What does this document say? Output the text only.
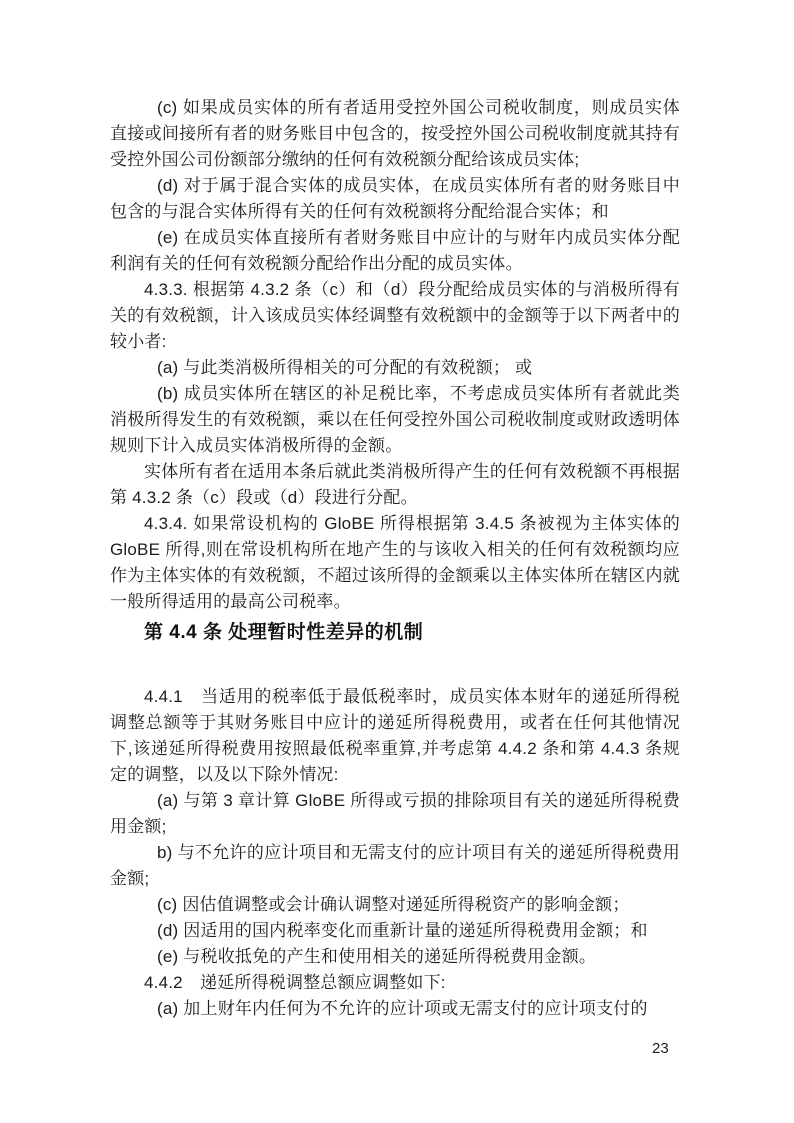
(c) 如果成员实体的所有者适用受控外国公司税收制度，则成员实体直接或间接所有者的财务账目中包含的，按受控外国公司税收制度就其持有受控外国公司份额部分缴纳的任何有效税额分配给该成员实体;

(d) 对于属于混合实体的成员实体，在成员实体所有者的财务账目中包含的与混合实体所得有关的任何有效税额将分配给混合实体；和

(e) 在成员实体直接所有者财务账目中应计的与财年内成员实体分配利润有关的任何有效税额分配给作出分配的成员实体。

4.3.3. 根据第 4.3.2 条（c）和（d）段分配给成员实体的与消极所得有关的有效税额，计入该成员实体经调整有效税额中的金额等于以下两者中的较小者:

(a) 与此类消极所得相关的可分配的有效税额； 或

(b) 成员实体所在辖区的补足税比率，不考虑成员实体所有者就此类消极所得发生的有效税额，乘以在任何受控外国公司税收制度或财政透明体规则下计入成员实体消极所得的金额。

实体所有者在适用本条后就此类消极所得产生的任何有效税额不再根据第 4.3.2 条（c）段或（d）段进行分配。

4.3.4. 如果常设机构的 GloBE 所得根据第 3.4.5 条被视为主体实体的GloBE 所得,则在常设机构所在地产生的与该收入相关的任何有效税额均应作为主体实体的有效税额，不超过该所得的金额乘以主体实体所在辖区内就一般所得适用的最高公司税率。

第 4.4 条 处理暂时性差异的机制

4.4.1　当适用的税率低于最低税率时，成员实体本财年的递延所得税调整总额等于其财务账目中应计的递延所得税费用，或者在任何其他情况下,该递延所得税费用按照最低税率重算,并考虑第 4.4.2 条和第 4.4.3 条规定的调整，以及以下除外情况:

(a) 与第 3 章计算 GloBE 所得或亏损的排除项目有关的递延所得税费用金额;

b) 与不允许的应计项目和无需支付的应计项目有关的递延所得税费用金额;

(c) 因估值调整或会计确认调整对递延所得税资产的影响金额；

(d) 因适用的国内税率变化而重新计量的递延所得税费用金额；和

(e) 与税收抵免的产生和使用相关的递延所得税费用金额。

4.4.2　递延所得税调整总额应调整如下:

(a) 加上财年内任何为不允许的应计项或无需支付的应计项支付的

23
